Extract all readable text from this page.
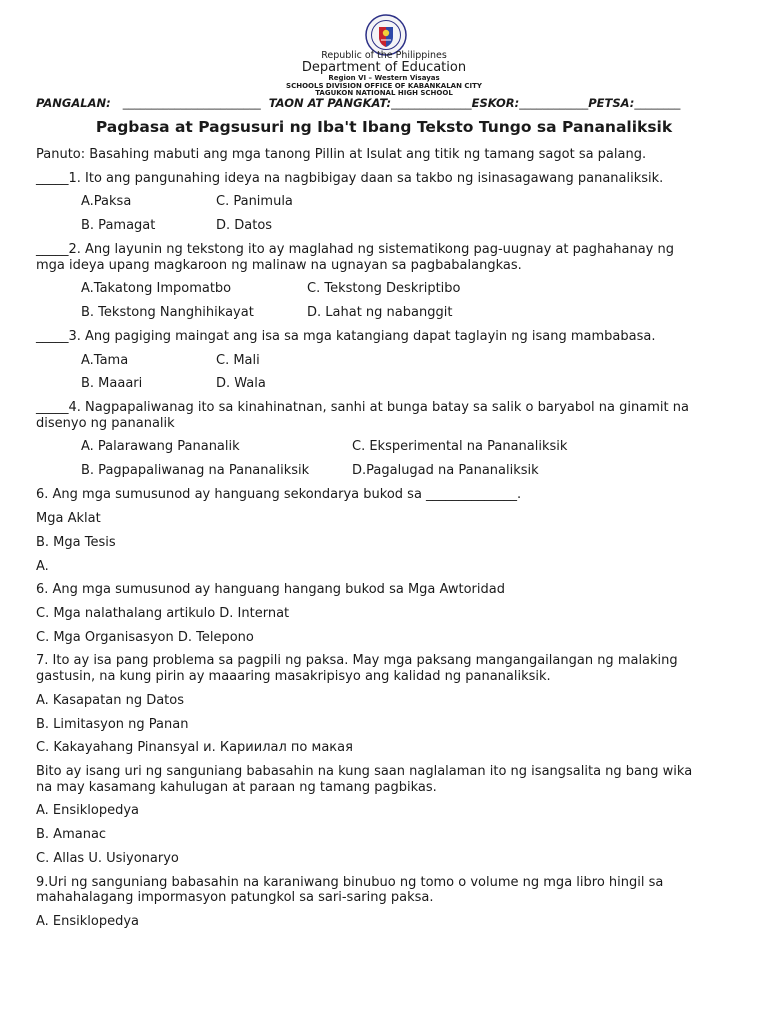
Republic of the Philippines
Department of Education
Region VI – Western Visayas
SCHOOLS DIVISION OFFICE OF KABANKALAN CITY
TAGUKON NATIONAL HIGH SCHOOL
PANGALAN: ________________________ TAON AT PANGKAT:______________ESKOR:____________PETSA:________
Pagbasa at Pagsusuri ng Iba't Ibang Teksto Tungo sa Pananaliksik
Panuto: Basahing mabuti ang mga tanong Pillin at Isulat ang titik ng tamang sagot sa palang.
_____1. Ito ang pangunahing ideya na nagbibigay daan sa takbo ng isinasagawang pananaliksik.
A.Paksa	C. Panimula
B. Pamagat	D. Datos
_____2. Ang layunin ng tekstong ito ay maglahad ng sistematikong pag-uugnay at paghahanay ng
mga ideya upang magkaroon ng malinaw na ugnayan sa pagbabalangkas.
A.Takatong Impomatbo	C. Tekstong Deskriptibo
B. Tekstong Nanghihikayat	D. Lahat ng nabanggit
_____3. Ang pagiging maingat ang isa sa mga katangiang dapat taglayin ng isang mambabasa.
A.Tama	C. Mali
B. Maaari	D. Wala
_____4. Nagpapaliwanag ito sa kinahinatnan, sanhi at bunga batay sa salik o baryabol na ginamit na
disenyo ng pananalik
A. Palarawang Pananalik	C. Eksperimental na Pananaliksik
B. Pagpapaliwanag na Pananaliksik	D.Pagalugad na Pananaliksik
6. Ang mga sumusunod ay hanguang sekondarya bukod sa ______________.
Mga Aklat
B. Mga Tesis
A.
6. Ang mga sumusunod ay hanguang hangang bukod sa Mga Awtoridad
C. Mga nalathalang artikulo D. Internat
C. Mga Organisasyon D. Telepono
7. Ito ay isa pang problema sa pagpili ng paksa. May mga paksang mangangailangan ng malaking
gastusin, na kung pirin ay maaaring masakripisyo ang kalidad ng pananaliksik.
A. Kasapatan ng Datos
B. Limitasyon ng Panan
C. Kakayahang Pinansyal и. Кариилал по макая
Bito ay isang uri ng sanguniang babasahin na kung saan naglalaman ito ng isangsalita ng bang wika
na may kasamang kahulugan at paraan ng tamang pagbikas.
A. Ensiklopedya
B. Amanac
C. Allas U. Usiyonaryo
9.Uri ng sanguniang babasahin na karaniwang binubuo ng tomo o volume ng mga libro hingil sa
mahahalagang impormasyon patungkol sa sari-saring paksa.
A. Ensiklopedya
